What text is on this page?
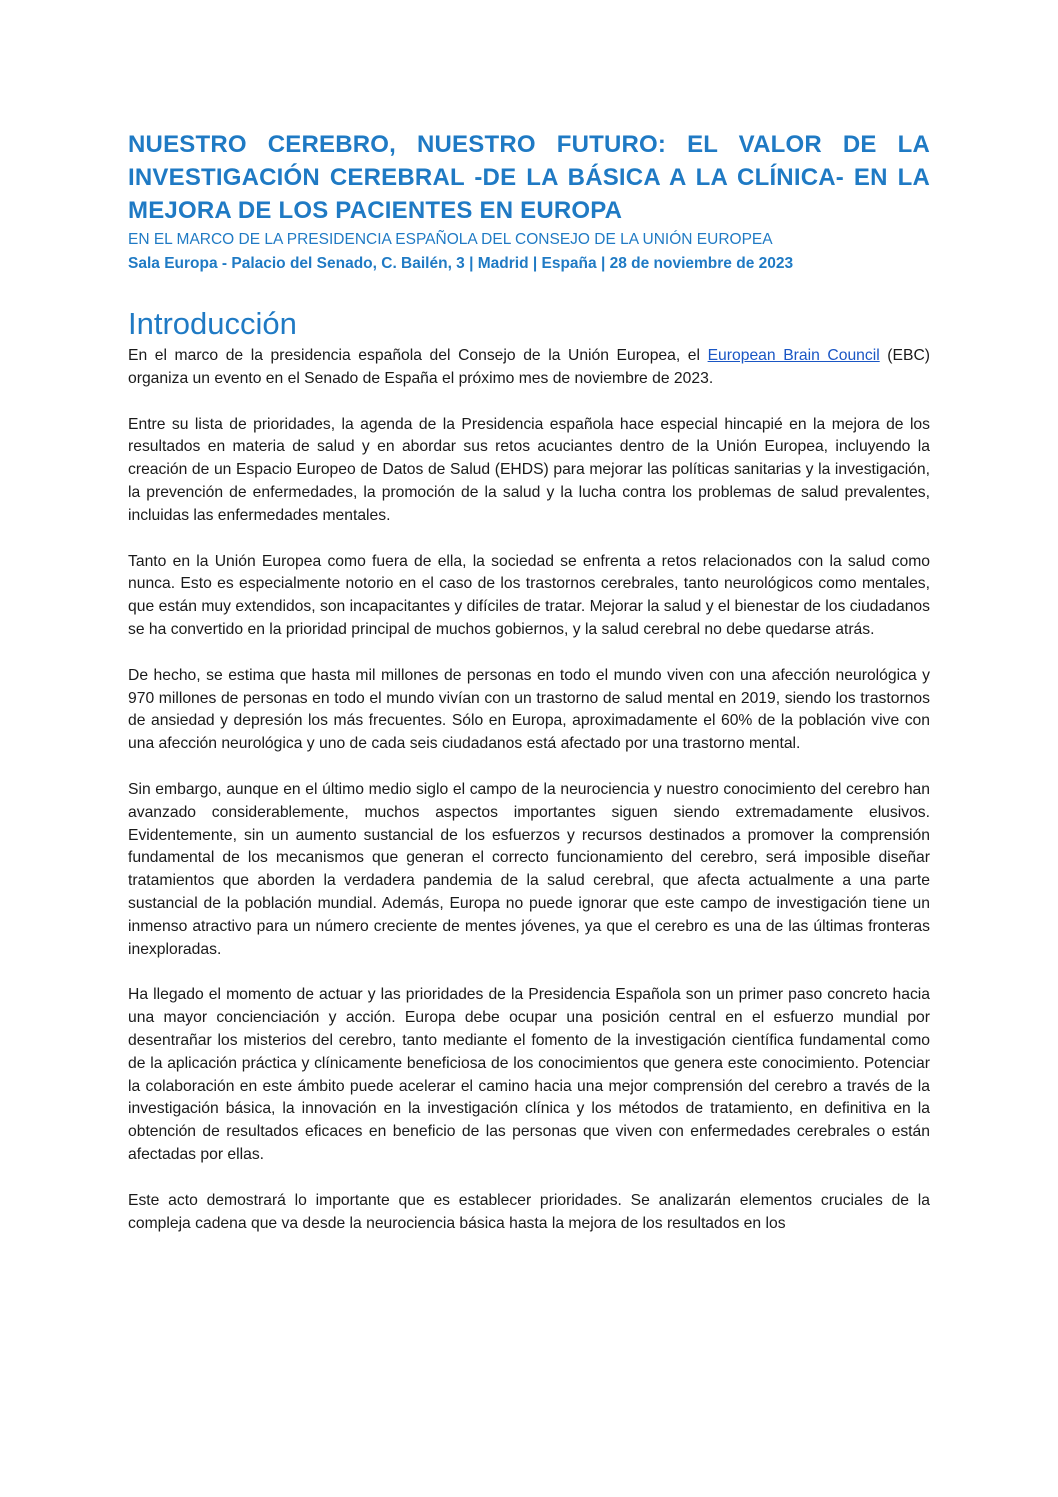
NUESTRO CEREBRO, NUESTRO FUTURO: EL VALOR DE LA INVESTIGACIÓN CEREBRAL -DE LA BÁSICA A LA CLÍNICA- EN LA MEJORA DE LOS PACIENTES EN EUROPA

EN EL MARCO DE LA PRESIDENCIA ESPAÑOLA DEL CONSEJO DE LA UNIÓN EUROPEA

Sala Europa - Palacio del Senado, C. Bailén, 3 | Madrid | España | 28 de noviembre de 2023

Introducción

En el marco de la presidencia española del Consejo de la Unión Europea, el European Brain Council (EBC) organiza un evento en el Senado de España el próximo mes de noviembre de 2023.

Entre su lista de prioridades, la agenda de la Presidencia española hace especial hincapié en la mejora de los resultados en materia de salud y en abordar sus retos acuciantes dentro de la Unión Europea, incluyendo la creación de un Espacio Europeo de Datos de Salud (EHDS) para mejorar las políticas sanitarias y la investigación, la prevención de enfermedades, la promoción de la salud y la lucha contra los problemas de salud prevalentes, incluidas las enfermedades mentales.

Tanto en la Unión Europea como fuera de ella, la sociedad se enfrenta a retos relacionados con la salud como nunca. Esto es especialmente notorio en el caso de los trastornos cerebrales, tanto neurológicos como mentales, que están muy extendidos, son incapacitantes y difíciles de tratar. Mejorar la salud y el bienestar de los ciudadanos se ha convertido en la prioridad principal de muchos gobiernos, y la salud cerebral no debe quedarse atrás.

De hecho, se estima que hasta mil millones de personas en todo el mundo viven con una afección neurológica y 970 millones de personas en todo el mundo vivían con un trastorno de salud mental en 2019, siendo los trastornos de ansiedad y depresión los más frecuentes. Sólo en Europa, aproximadamente el 60% de la población vive con una afección neurológica y uno de cada seis ciudadanos está afectado por una trastorno mental.

Sin embargo, aunque en el último medio siglo el campo de la neurociencia y nuestro conocimiento del cerebro han avanzado considerablemente, muchos aspectos importantes siguen siendo extremadamente elusivos. Evidentemente, sin un aumento sustancial de los esfuerzos y recursos destinados a promover la comprensión fundamental de los mecanismos que generan el correcto funcionamiento del cerebro, será imposible diseñar tratamientos que aborden la verdadera pandemia de la salud cerebral, que afecta actualmente a una parte sustancial de la población mundial. Además, Europa no puede ignorar que este campo de investigación tiene un inmenso atractivo para un número creciente de mentes jóvenes, ya que el cerebro es una de las últimas fronteras inexploradas.

Ha llegado el momento de actuar y las prioridades de la Presidencia Española son un primer paso concreto hacia una mayor concienciación y acción. Europa debe ocupar una posición central en el esfuerzo mundial por desentrañar los misterios del cerebro, tanto mediante el fomento de la investigación científica fundamental como de la aplicación práctica y clínicamente beneficiosa de los conocimientos que genera este conocimiento. Potenciar la colaboración en este ámbito puede acelerar el camino hacia una mejor comprensión del cerebro a través de la investigación básica, la innovación en la investigación clínica y los métodos de tratamiento, en definitiva en la obtención de resultados eficaces en beneficio de las personas que viven con enfermedades cerebrales o están afectadas por ellas.

Este acto demostrará lo importante que es establecer prioridades. Se analizarán elementos cruciales de la compleja cadena que va desde la neurociencia básica hasta la mejora de los resultados en los
